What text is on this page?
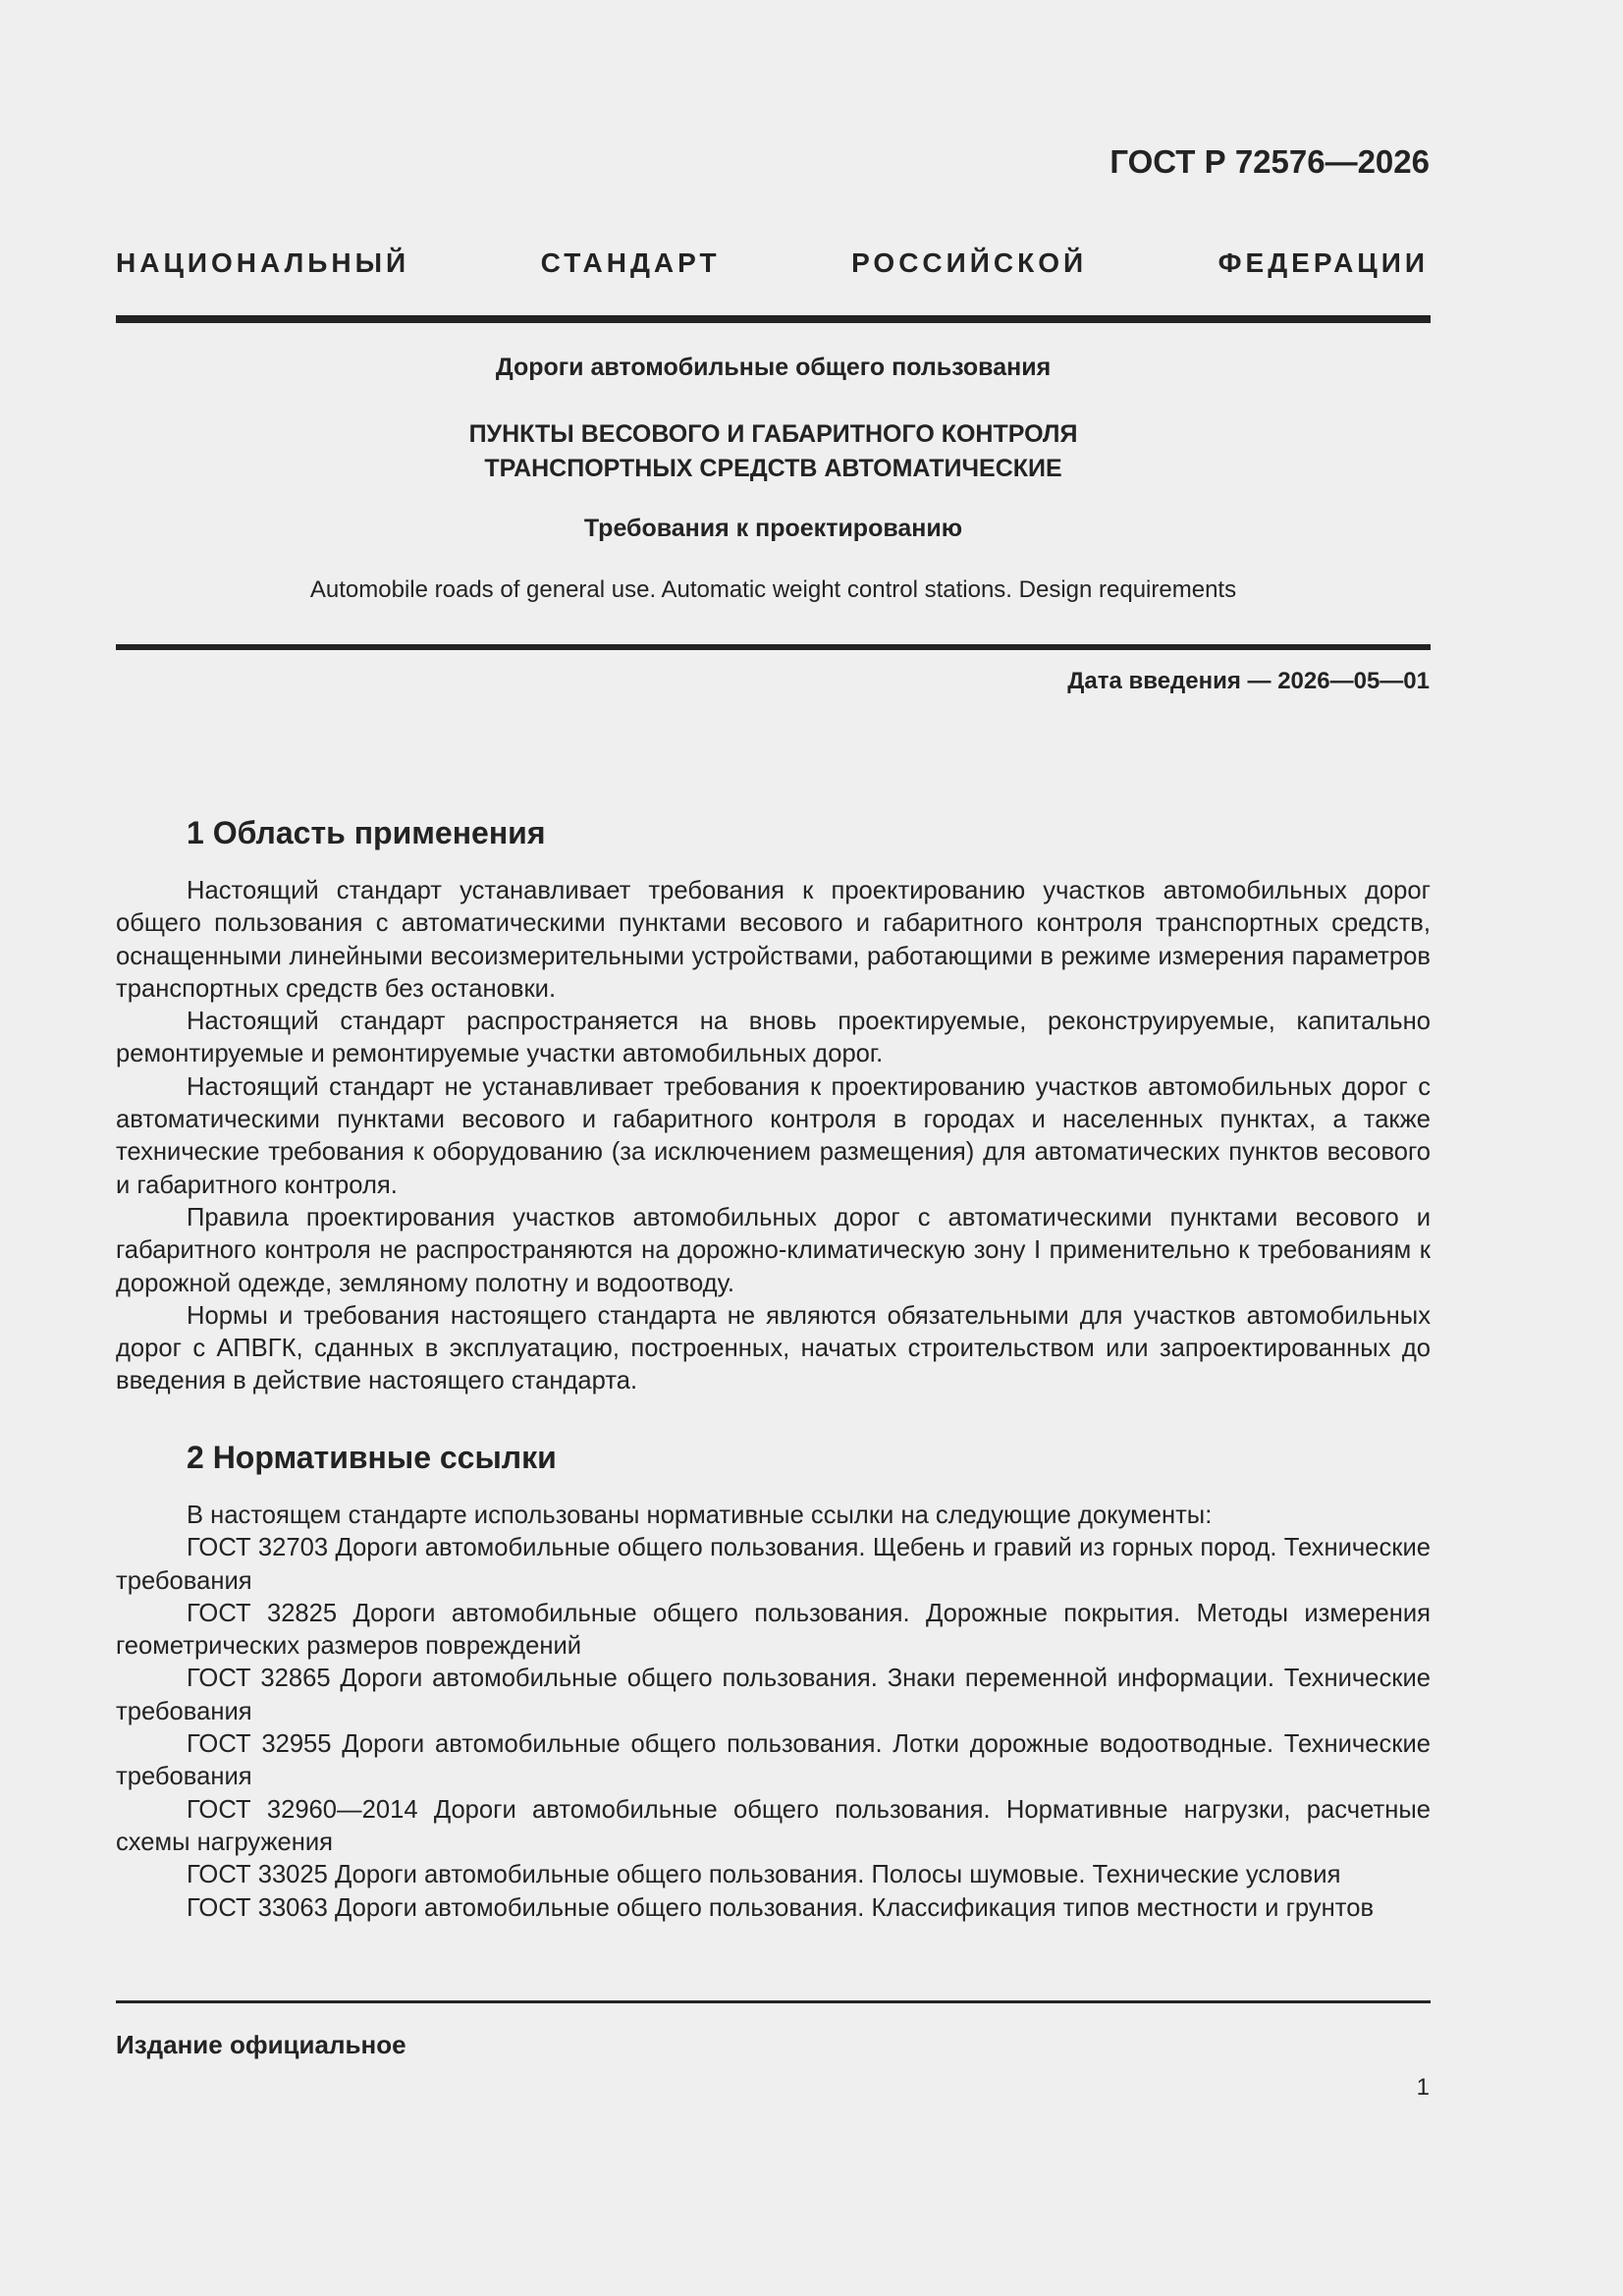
ГОСТ Р 72576—2026
НАЦИОНАЛЬНЫЙ СТАНДАРТ РОССИЙСКОЙ ФЕДЕРАЦИИ
Дороги автомобильные общего пользования
ПУНКТЫ ВЕСОВОГО И ГАБАРИТНОГО КОНТРОЛЯ
ТРАНСПОРТНЫХ СРЕДСТВ АВТОМАТИЧЕСКИЕ
Требования к проектированию
Automobile roads of general use. Automatic weight control stations. Design requirements
Дата введения — 2026—05—01
1 Область применения

Настоящий стандарт устанавливает требования к проектированию участков автомобильных дорог общего пользования с автоматическими пунктами весового и габаритного контроля транспортных средств, оснащенными линейными весоизмерительными устройствами, работающими в режиме измерения параметров транспортных средств без остановки.

Настоящий стандарт распространяется на вновь проектируемые, реконструируемые, капитально ремонтируемые и ремонтируемые участки автомобильных дорог.

Настоящий стандарт не устанавливает требования к проектированию участков автомобильных дорог с автоматическими пунктами весового и габаритного контроля в городах и населенных пунктах, а также технические требования к оборудованию (за исключением размещения) для автоматических пунктов весового и габаритного контроля.

Правила проектирования участков автомобильных дорог с автоматическими пунктами весового и габаритного контроля не распространяются на дорожно-климатическую зону I применительно к требованиям к дорожной одежде, земляному полотну и водоотводу.

Нормы и требования настоящего стандарта не являются обязательными для участков автомобильных дорог с АПВГК, сданных в эксплуатацию, построенных, начатых строительством или запроектированных до введения в действие настоящего стандарта.

2 Нормативные ссылки

В настоящем стандарте использованы нормативные ссылки на следующие документы:

ГОСТ 32703 Дороги автомобильные общего пользования. Щебень и гравий из горных пород. Технические требования

ГОСТ 32825 Дороги автомобильные общего пользования. Дорожные покрытия. Методы измерения геометрических размеров повреждений

ГОСТ 32865 Дороги автомобильные общего пользования. Знаки переменной информации. Технические требования

ГОСТ 32955 Дороги автомобильные общего пользования. Лотки дорожные водоотводные. Технические требования

ГОСТ 32960—2014 Дороги автомобильные общего пользования. Нормативные нагрузки, расчетные схемы нагружения

ГОСТ 33025 Дороги автомобильные общего пользования. Полосы шумовые. Технические условия

ГОСТ 33063 Дороги автомобильные общего пользования. Классификация типов местности и грунтов

Издание официальное
1
